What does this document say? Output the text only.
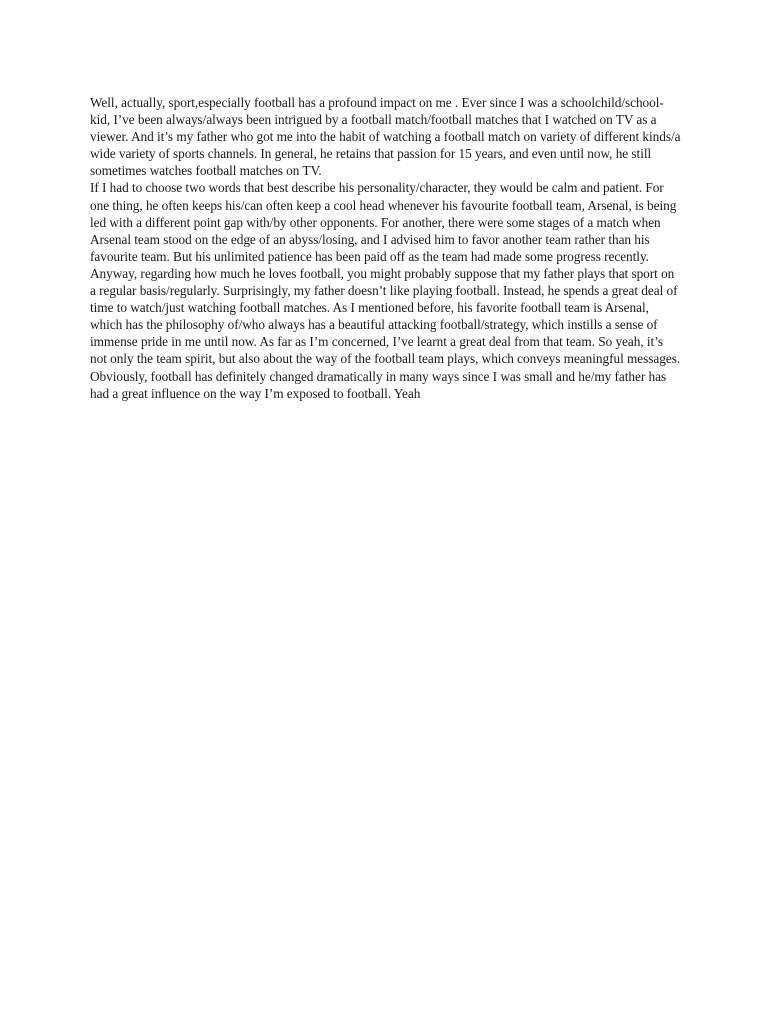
Well, actually, sport,especially football has a profound impact on me . Ever since I was a schoolchild/school-kid, I’ve been always/always been intrigued by a football match/football matches that I watched on TV as a viewer. And it’s my father who got me into the habit of watching a football match on variety of different kinds/a wide variety of sports channels. In general, he retains that passion for 15 years, and even until now, he still sometimes watches football matches on TV.

If I had to choose two words that best describe his personality/character, they would be calm and patient. For one thing, he often keeps his/can often keep a cool head whenever his favourite football team, Arsenal, is being led with a different point gap with/by other opponents. For another, there were some stages of a match when Arsenal team stood on the edge of an abyss/losing, and I advised him to favor another team rather than his favourite team. But his unlimited patience has been paid off as the team had made some progress recently.

Anyway, regarding how much he loves football, you might probably suppose that my father plays that sport on a regular basis/regularly. Surprisingly, my father doesn’t like playing football. Instead, he spends a great deal of time to watch/just watching football matches. As I mentioned before, his favorite football team is Arsenal, which has the philosophy of/who always has a beautiful attacking football/strategy, which instills a sense of immense pride in me until now. As far as I’m concerned, I’ve learnt a great deal from that team. So yeah, it’s not only the team spirit, but also about the way of the football team plays, which conveys meaningful messages.

Obviously, football has definitely changed dramatically in many ways since I was small and he/my father has had a great influence on the way I’m exposed to football. Yeah
